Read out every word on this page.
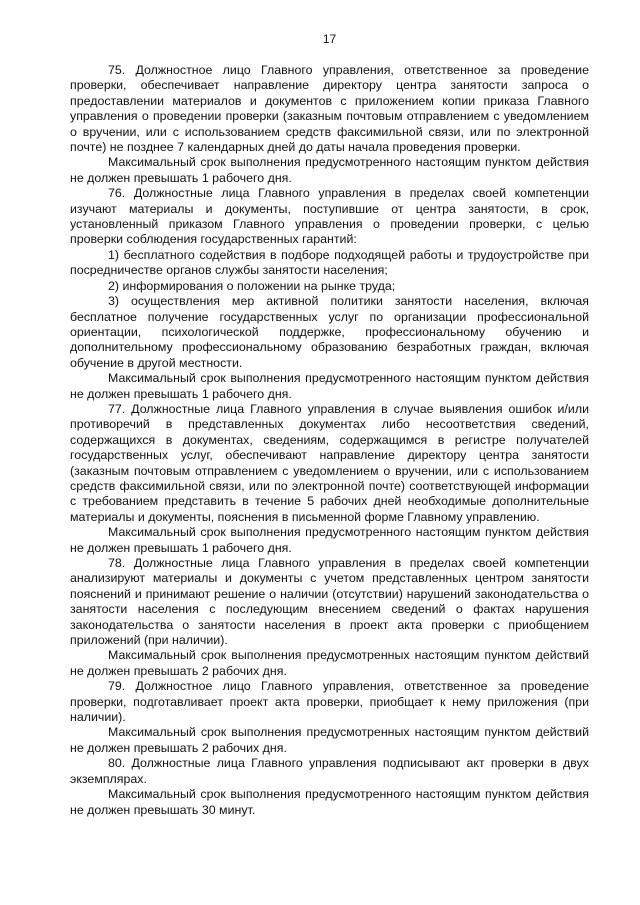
17

75. Должностное лицо Главного управления, ответственное за проведение проверки, обеспечивает направление директору центра занятости запроса о предоставлении материалов и документов с приложением копии приказа Главного управления о проведении проверки (заказным почтовым отправлением с уведомлением о вручении, или с использованием средств факсимильной связи, или по электронной почте) не позднее 7 календарных дней до даты начала проведения проверки.

Максимальный срок выполнения предусмотренного настоящим пунктом действия не должен превышать 1 рабочего дня.

76. Должностные лица Главного управления в пределах своей компетенции изучают материалы и документы, поступившие от центра занятости, в срок, установленный приказом Главного управления о проведении проверки, с целью проверки соблюдения государственных гарантий:

1) бесплатного содействия в подборе подходящей работы и трудоустройстве при посредничестве органов службы занятости населения;

2) информирования о положении на рынке труда;

3) осуществления мер активной политики занятости населения, включая бесплатное получение государственных услуг по организации профессиональной ориентации, психологической поддержке, профессиональному обучению и дополнительному профессиональному образованию безработных граждан, включая обучение в другой местности.

Максимальный срок выполнения предусмотренного настоящим пунктом действия не должен превышать 1 рабочего дня.

77. Должностные лица Главного управления в случае выявления ошибок и/или противоречий в представленных документах либо несоответствия сведений, содержащихся в документах, сведениям, содержащимся в регистре получателей государственных услуг, обеспечивают направление директору центра занятости (заказным почтовым отправлением с уведомлением о вручении, или с использованием средств факсимильной связи, или по электронной почте) соответствующей информации с требованием представить в течение 5 рабочих дней необходимые дополнительные материалы и документы, пояснения в письменной форме Главному управлению.

Максимальный срок выполнения предусмотренного настоящим пунктом действия не должен превышать 1 рабочего дня.

78. Должностные лица Главного управления в пределах своей компетенции анализируют материалы и документы с учетом представленных центром занятости пояснений и принимают решение о наличии (отсутствии) нарушений законодательства о занятости населения с последующим внесением сведений о фактах нарушения законодательства о занятости населения в проект акта проверки с приобщением приложений (при наличии).

Максимальный срок выполнения предусмотренных настоящим пунктом действий не должен превышать 2 рабочих дня.

79. Должностное лицо Главного управления, ответственное за проведение проверки, подготавливает проект акта проверки, приобщает к нему приложения (при наличии).

Максимальный срок выполнения предусмотренных настоящим пунктом действий не должен превышать 2 рабочих дня.

80. Должностные лица Главного управления подписывают акт проверки в двух экземплярах.

Максимальный срок выполнения предусмотренного настоящим пунктом действия не должен превышать 30 минут.
